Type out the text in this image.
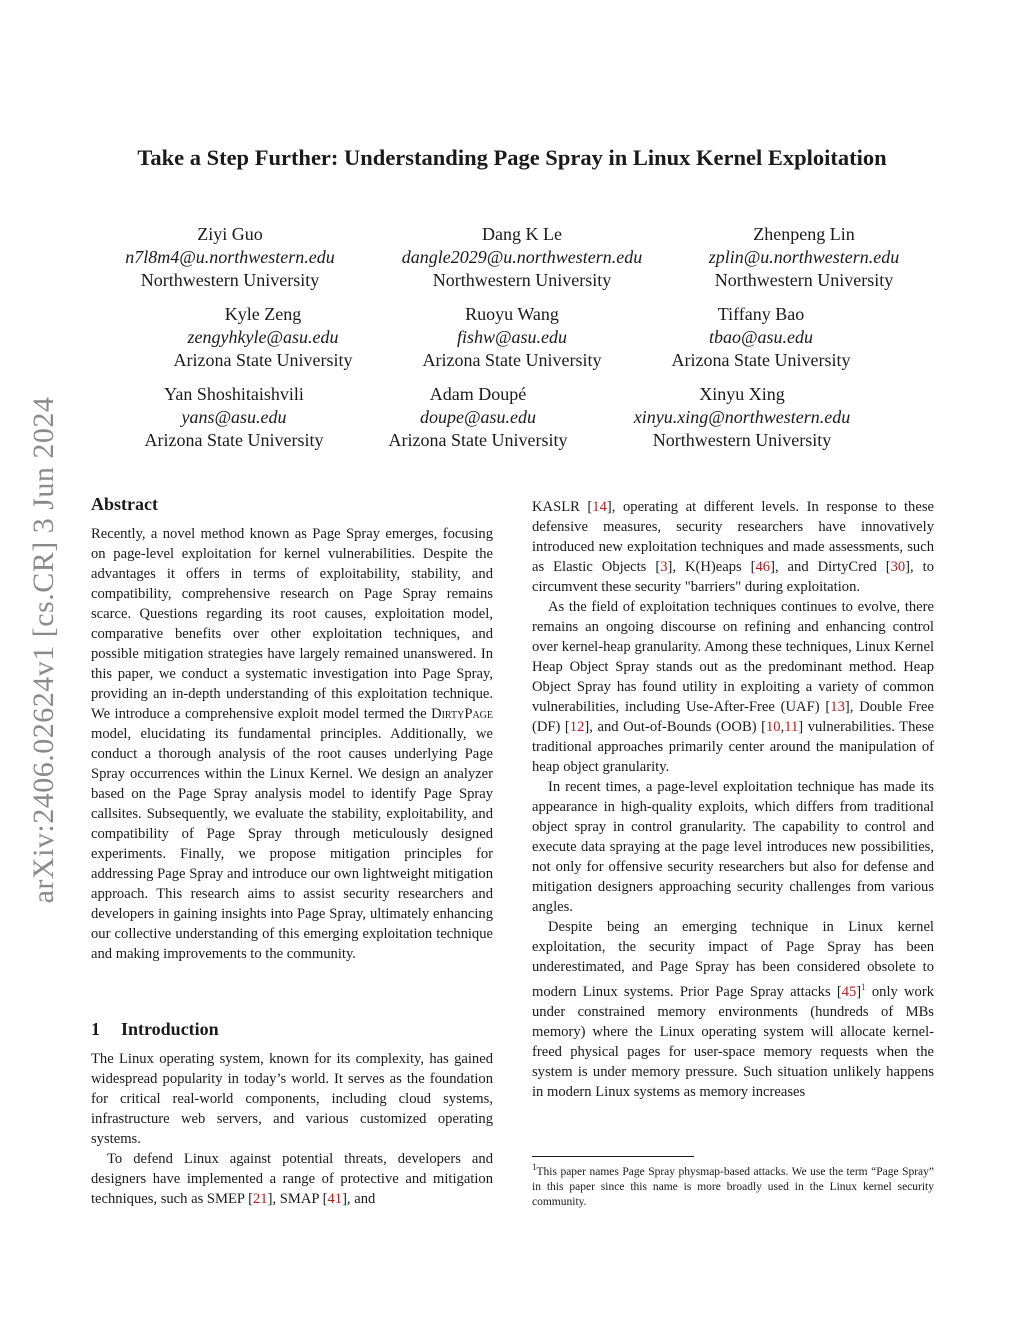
arXiv:2406.02624v1 [cs.CR] 3 Jun 2024
Take a Step Further: Understanding Page Spray in Linux Kernel Exploitation
Ziyi Guo
n7l8m4@u.northwestern.edu
Northwestern University
Dang K Le
dangle2029@u.northwestern.edu
Northwestern University
Zhenpeng Lin
zplin@u.northwestern.edu
Northwestern University
Kyle Zeng
zengyhkyle@asu.edu
Arizona State University
Ruoyu Wang
fishw@asu.edu
Arizona State University
Tiffany Bao
tbao@asu.edu
Arizona State University
Yan Shoshitaishvili
yans@asu.edu
Arizona State University
Adam Doupé
doupe@asu.edu
Arizona State University
Xinyu Xing
xinyu.xing@northwestern.edu
Northwestern University
Abstract

Recently, a novel method known as Page Spray emerges, focusing on page-level exploitation for kernel vulnerabilities. Despite the advantages it offers in terms of exploitability, stability, and compatibility, comprehensive research on Page Spray remains scarce. Questions regarding its root causes, exploitation model, comparative benefits over other exploitation techniques, and possible mitigation strategies have largely remained unanswered. In this paper, we conduct a systematic investigation into Page Spray, providing an in-depth understanding of this exploitation technique. We introduce a comprehensive exploit model termed the DirtyPage model, elucidating its fundamental principles. Additionally, we conduct a thorough analysis of the root causes underlying Page Spray occurrences within the Linux Kernel. We design an analyzer based on the Page Spray analysis model to identify Page Spray callsites. Subsequently, we evaluate the stability, exploitability, and compatibility of Page Spray through meticulously designed experiments. Finally, we propose mitigation principles for addressing Page Spray and introduce our own lightweight mitigation approach. This research aims to assist security researchers and developers in gaining insights into Page Spray, ultimately enhancing our collective understanding of this emerging exploitation technique and making improvements to the community.

1 Introduction

The Linux operating system, known for its complexity, has gained widespread popularity in today’s world. It serves as the foundation for critical real-world components, including cloud systems, infrastructure web servers, and various customized operating systems.

To defend Linux against potential threats, developers and designers have implemented a range of protective and mitigation techniques, such as SMEP [21], SMAP [41], and

KASLR [14], operating at different levels. In response to these defensive measures, security researchers have innovatively introduced new exploitation techniques and made assessments, such as Elastic Objects [3], K(H)eaps [46], and DirtyCred [30], to circumvent these security "barriers" during exploitation.

As the field of exploitation techniques continues to evolve, there remains an ongoing discourse on refining and enhancing control over kernel-heap granularity. Among these techniques, Linux Kernel Heap Object Spray stands out as the predominant method. Heap Object Spray has found utility in exploiting a variety of common vulnerabilities, including Use-After-Free (UAF) [13], Double Free (DF) [12], and Out-of-Bounds (OOB) [10,11] vulnerabilities. These traditional approaches primarily center around the manipulation of heap object granularity.

In recent times, a page-level exploitation technique has made its appearance in high-quality exploits, which differs from traditional object spray in control granularity. The capability to control and execute data spraying at the page level introduces new possibilities, not only for offensive security researchers but also for defense and mitigation designers approaching security challenges from various angles.

Despite being an emerging technique in Linux kernel exploitation, the security impact of Page Spray has been underestimated, and Page Spray has been considered obsolete to modern Linux systems. Prior Page Spray attacks [45]$^1$ only work under constrained memory environments (hundreds of MBs memory) where the Linux operating system will allocate kernel-freed physical pages for user-space memory requests when the system is under memory pressure. Such situation unlikely happens in modern Linux systems as memory increases

$^1$This paper names Page Spray physmap-based attacks. We use the term “Page Spray” in this paper since this name is more broadly used in the Linux kernel security community.
